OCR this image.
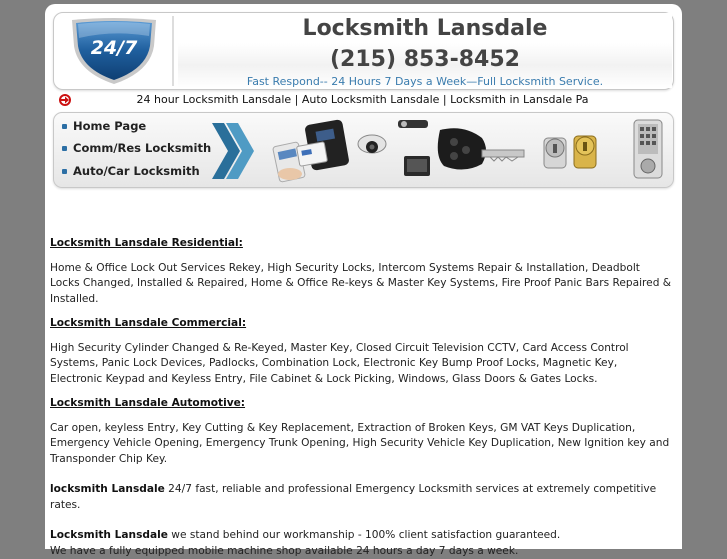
24/7
Locksmith Lansdale
(215) 853-8452
Fast Respond-- 24 Hours 7 Days a Week—Full Locksmith Service.
24 hour Locksmith Lansdale | Auto Locksmith Lansdale | Locksmith in Lansdale Pa
Home Page
Comm/Res Locksmith
Auto/Car Locksmith

Locksmith Lansdale Residential:

Home & Office Lock Out Services Rekey, High Security Locks, Intercom Systems Repair & Installation, Deadbolt Locks Changed, Installed & Repaired, Home & Office Re-keys & Master Key Systems, Fire Proof Panic Bars Repaired & Installed.

Locksmith Lansdale Commercial:

High Security Cylinder Changed & Re-Keyed, Master Key, Closed Circuit Television CCTV, Card Access Control Systems, Panic Lock Devices, Padlocks, Combination Lock, Electronic Key Bump Proof Locks, Magnetic Key, Electronic Keypad and Keyless Entry, File Cabinet & Lock Picking, Windows, Glass Doors & Gates Locks.

Locksmith Lansdale Automotive:

Car open, keyless Entry, Key Cutting & Key Replacement, Extraction of Broken Keys, GM VAT Keys Duplication, Emergency Vehicle Opening, Emergency Trunk Opening, High Security Vehicle Key Duplication, New Ignition key and Transponder Chip Key.

locksmith Lansdale 24/7 fast, reliable and professional Emergency Locksmith services at extremely competitive rates.

Locksmith Lansdale we stand behind our workmanship - 100% client satisfaction guaranteed.

We have a fully equipped mobile machine shop available 24 hours a day 7 days a week.
